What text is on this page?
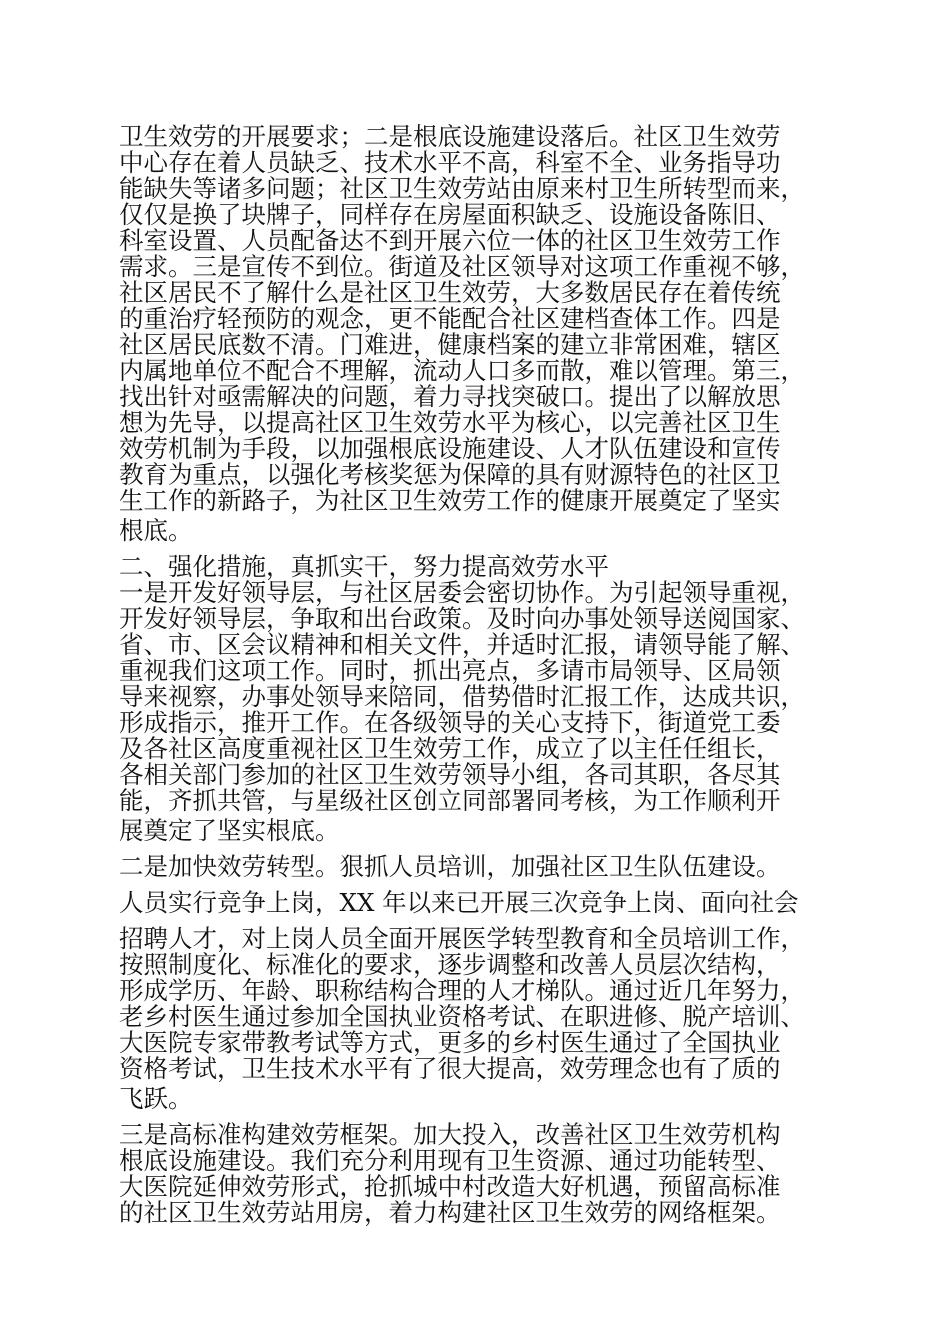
卫生效劳的开展要求；二是根底设施建设落后。社区卫生效劳
中心存在着人员缺乏、技术水平不高，科室不全、业务指导功
能缺失等诸多问题；社区卫生效劳站由原来村卫生所转型而来，
仅仅是换了块牌子，同样存在房屋面积缺乏、设施设备陈旧、
科室设置、人员配备达不到开展六位一体的社区卫生效劳工作
需求。三是宣传不到位。街道及社区领导对这项工作重视不够，
社区居民不了解什么是社区卫生效劳，大多数居民存在着传统
的重治疗轻预防的观念，更不能配合社区建档查体工作。四是
社区居民底数不清。门难进，健康档案的建立非常困难，辖区
内属地单位不配合不理解，流动人口多而散，难以管理。第三，
找出针对亟需解决的问题，着力寻找突破口。提出了以解放思
想为先导，以提高社区卫生效劳水平为核心，以完善社区卫生
效劳机制为手段，以加强根底设施建设、人才队伍建设和宣传
教育为重点，以强化考核奖惩为保障的具有财源特色的社区卫
生工作的新路子，为社区卫生效劳工作的健康开展奠定了坚实
根底。
二、强化措施，真抓实干，努力提高效劳水平
一是开发好领导层，与社区居委会密切协作。为引起领导重视，
开发好领导层，争取和出台政策。及时向办事处领导送阅国家、
省、市、区会议精神和相关文件，并适时汇报，请领导能了解、
重视我们这项工作。同时，抓出亮点，多请市局领导、区局领
导来视察，办事处领导来陪同，借势借时汇报工作，达成共识，
形成指示，推开工作。在各级领导的关心支持下，街道党工委
及各社区高度重视社区卫生效劳工作，成立了以主任任组长，
各相关部门参加的社区卫生效劳领导小组，各司其职，各尽其
能，齐抓共管，与星级社区创立同部署同考核，为工作顺利开
展奠定了坚实根底。
二是加快效劳转型。狠抓人员培训，加强社区卫生队伍建设。
人员实行竞争上岗，XX 年以来已开展三次竞争上岗、面向社会
招聘人才，对上岗人员全面开展医学转型教育和全员培训工作，
按照制度化、标准化的要求，逐步调整和改善人员层次结构，
形成学历、年龄、职称结构合理的人才梯队。通过近几年努力，
老乡村医生通过参加全国执业资格考试、在职进修、脱产培训、
大医院专家带教考试等方式，更多的乡村医生通过了全国执业
资格考试，卫生技术水平有了很大提高，效劳理念也有了质的
飞跃。
三是高标准构建效劳框架。加大投入，改善社区卫生效劳机构
根底设施建设。我们充分利用现有卫生资源、通过功能转型、
大医院延伸效劳形式，抢抓城中村改造大好机遇，预留高标准
的社区卫生效劳站用房，着力构建社区卫生效劳的网络框架。
